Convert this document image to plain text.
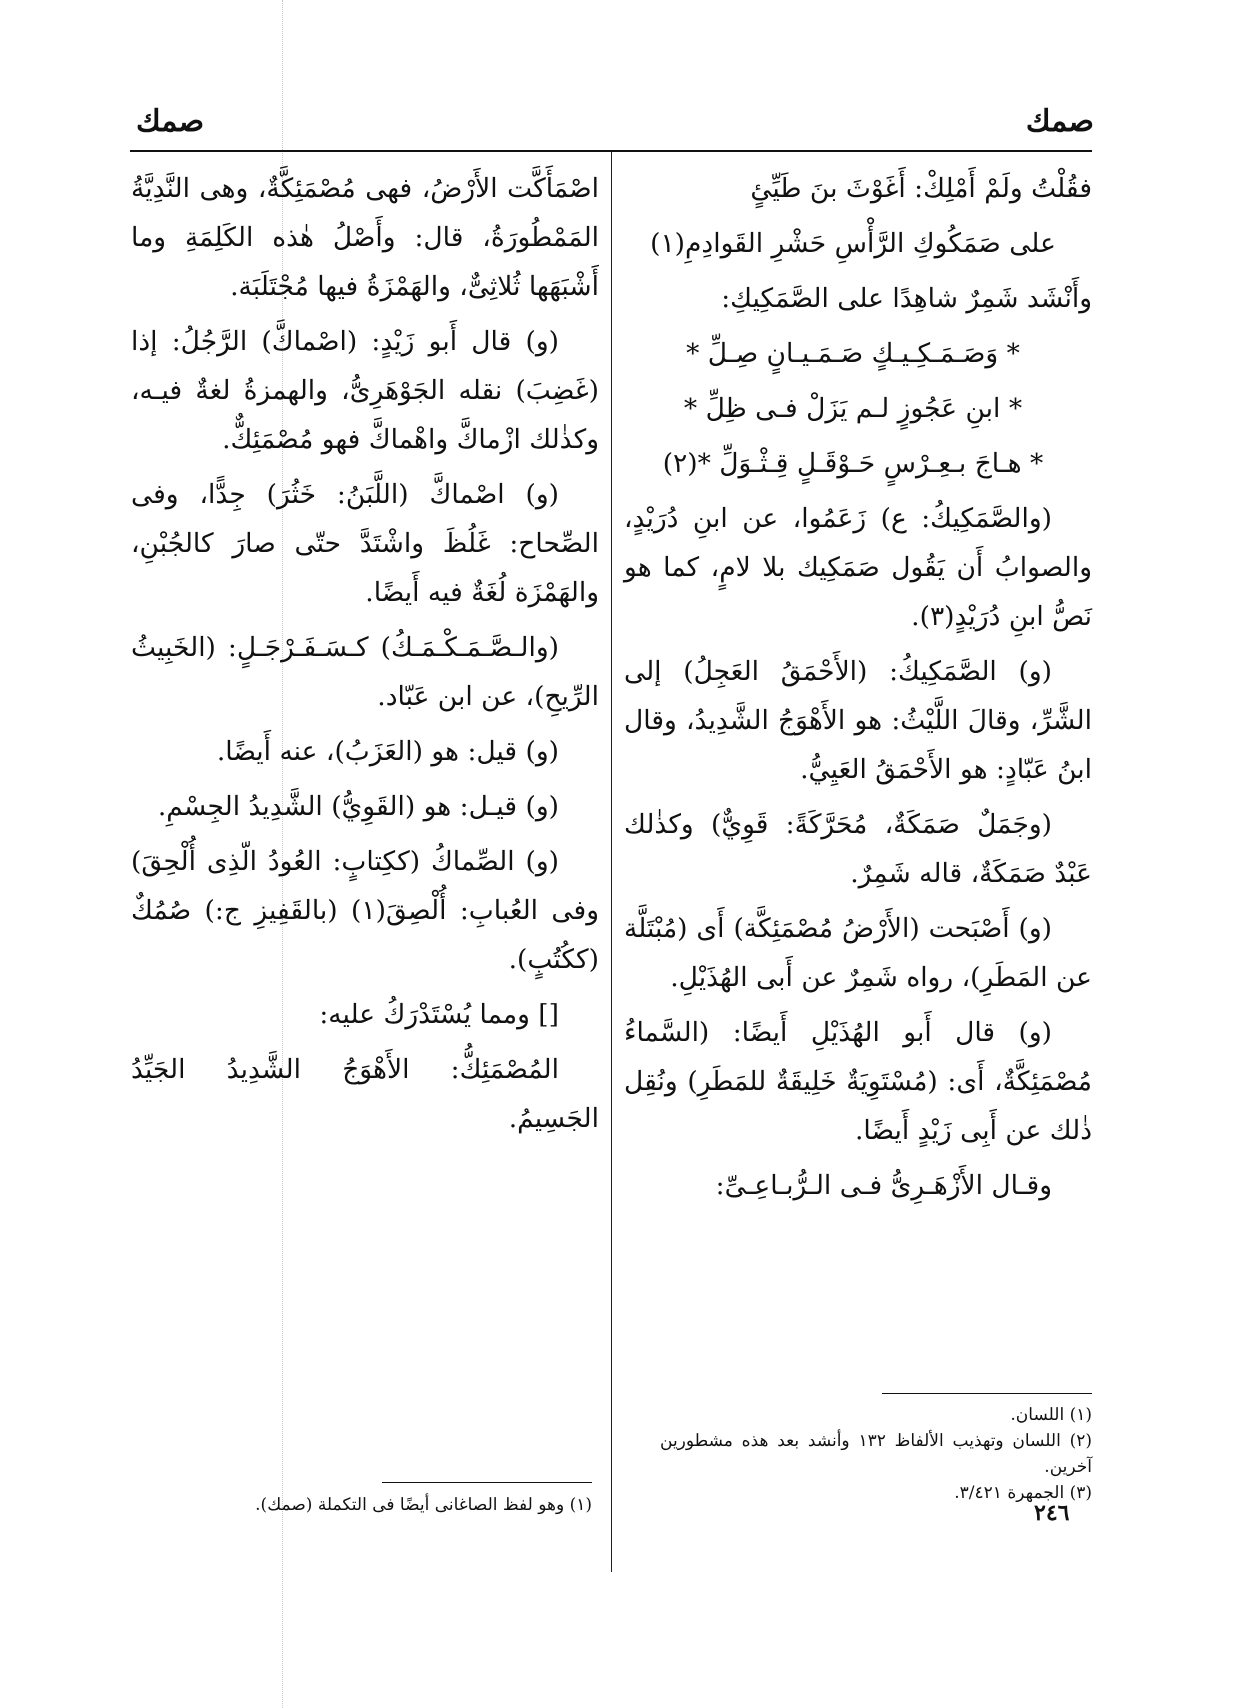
صمك
صمك

فقُلْتُ ولَمْ أَمْلِكْ: أَغَوْثَ بنَ طَيِّئٍ

على صَمَكُوكِ الرَّأْسِ حَشْرِ القَوادِمِ(١)

وأَنْشَد شَمِرٌ شاهِدًا على الصَّمَكِيكِ:

* وَصَـمَـكِـيـكٍ صَـمَـيـانٍ صِـلِّ *

* ابنِ عَجُوزٍ لـم يَزَلْ فـى ظِلِّ *

* هـاجَ بـعِـرْسٍ حَـوْقَـلٍ قِـثْـوَلِّ *(٢)

(والصَّمَكِيكُ: ع) زَعَمُوا، عن ابنِ دُرَيْدٍ، والصوابُ أَن يَقُول صَمَكِيك بلا لامٍ، كما هو نَصُّ ابنِ دُرَيْدٍ(٣).

(و) الصَّمَكِيكُ: (الأَحْمَقُ العَجِلُ) إلى الشَّرِّ، وقالَ اللَّيْثُ: هو الأَهْوَجُ الشَّدِيدُ، وقال ابنُ عَبّادٍ: هو الأَحْمَقُ العَيِيُّ.

(وجَمَلٌ صَمَكَةٌ، مُحَرَّكَةً: قَوِيٌّ) وكذٰلك عَبْدٌ صَمَكَةٌ، قاله شَمِرٌ.

(و) أَصْبَحت (الأَرْضُ مُصْمَئِكَّة) أَى (مُبْتَلَّة عن المَطَرِ)، رواه شَمِرٌ عن أَبى الهُذَيْلِ.

(و) قال أَبو الهُذَيْلِ أَيضًا: (السَّماءُ مُصْمَئِكَّةٌ، أَى: (مُسْتَوِيَةٌ خَلِيقَةٌ للمَطَرِ) ونُقِل ذٰلك عن أَبِى زَيْدٍ أَيضًا.

وقـال الأَزْهَـرِىُّ فـى الـرُّبـاعِـىِّ:

(١) اللسان.
(٢) اللسان وتهذيب الألفاظ ١٣٢ وأنشد بعد هذه مشطورين آخرين.
(٣) الجمهرة ٣/٤٢١.

اصْمَأَكَّت الأَرْضُ، فهى مُصْمَئِكَّةٌ، وهى النَّدِيَّةُ المَمْطُورَةُ، قال: وأَصْلُ هٰذه الكَلِمَةِ وما أَشْبَهَها ثُلاثِىٌّ، والهَمْزَةُ فيها مُجْتَلَبَة.

(و) قال أَبو زَيْدٍ: (اصْماكَّ) الرَّجُلُ: إذا (غَضِبَ) نقله الجَوْهَرِىُّ، والهمزةُ لغةٌ فيـه، وكذٰلك ازْماكَّ واهْماكَّ فهو مُصْمَئِكٌّ.

(و) اصْماكَّ (اللَّبَنُ: خَثُرَ) جِدًّا، وفى الصِّحاح: غَلُظَ واشْتَدَّ حتّى صارَ كالجُبْنِ، والهَمْزَة لُغَةٌ فيه أَيضًا.

(والـصَّـمَـكْـمَـكُ) كـسَـفَـرْجَـلٍ: (الخَبِيثُ الرِّيحِ)، عن ابن عَبّاد.

(و) قيل: هو (العَزَبُ)، عنه أَيضًا.

(و) قيـل: هو (القَوِيُّ) الشَّدِيدُ الجِسْمِ.

(و) الصِّماكُ (ككِتابٍ: العُودُ الّذِى أُلْحِقَ) وفى العُبابِ: أُلْصِقَ(١) (بالقَفِيزِ ج:) صُمُكٌ (ككُتُبٍ).

[] ومما يُسْتَدْرَكُ عليه:

المُصْمَئِكُّ: الأَهْوَجُ الشَّدِيدُ الجَيِّدُ الجَسِيمُ.

(١) وهو لفظ الصاغانى أيضًا فى التكملة (صمك).	٢٤٦
